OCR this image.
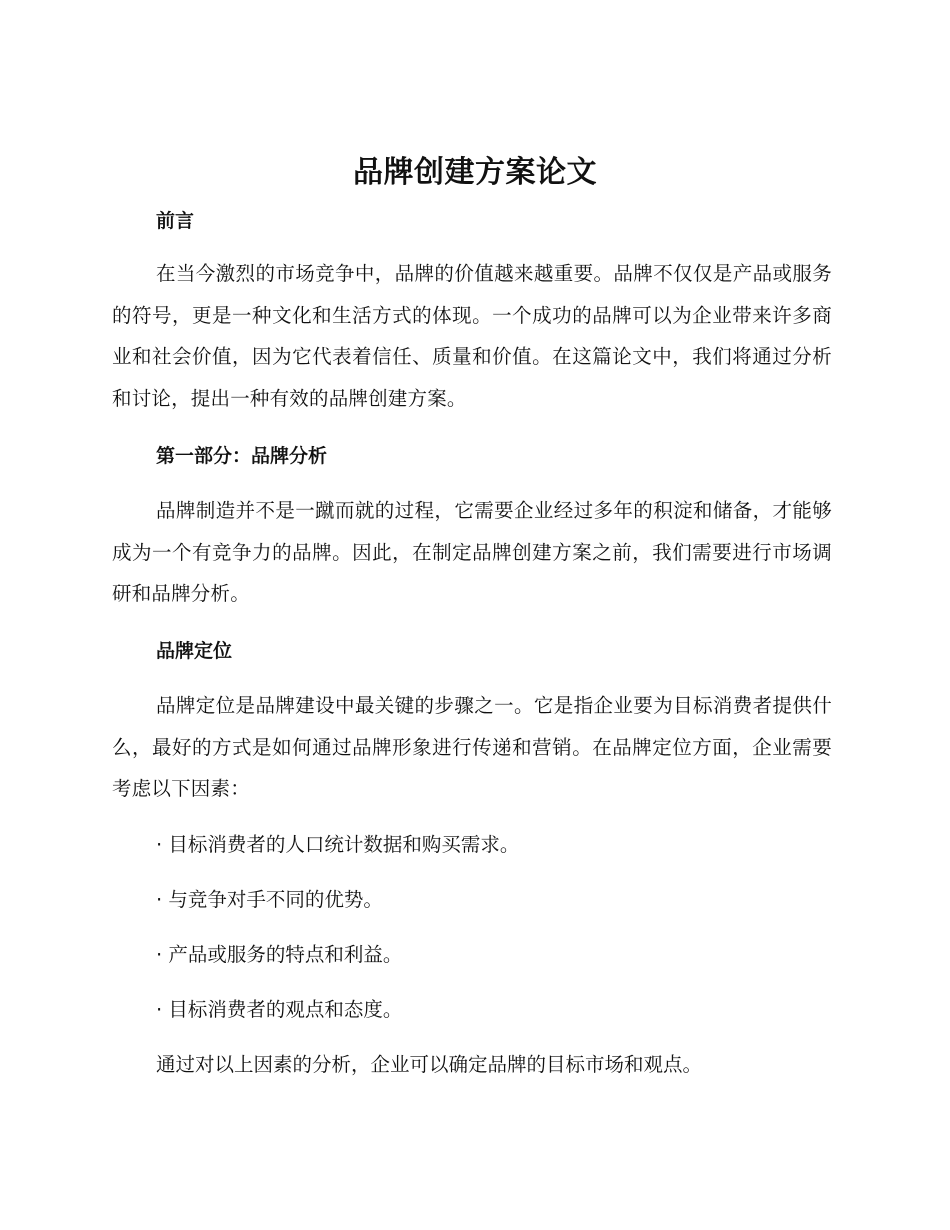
品牌创建方案论文
前言

在当今激烈的市场竞争中，品牌的价值越来越重要。品牌不仅仅是产品或服务的符号，更是一种文化和生活方式的体现。一个成功的品牌可以为企业带来许多商业和社会价值，因为它代表着信任、质量和价值。在这篇论文中，我们将通过分析和讨论，提出一种有效的品牌创建方案。

第一部分：品牌分析

品牌制造并不是一蹴而就的过程，它需要企业经过多年的积淀和储备，才能够成为一个有竞争力的品牌。因此，在制定品牌创建方案之前，我们需要进行市场调研和品牌分析。

品牌定位

品牌定位是品牌建设中最关键的步骤之一。它是指企业要为目标消费者提供什么，最好的方式是如何通过品牌形象进行传递和营销。在品牌定位方面，企业需要考虑以下因素：

· 目标消费者的人口统计数据和购买需求。

· 与竞争对手不同的优势。

· 产品或服务的特点和利益。

· 目标消费者的观点和态度。

通过对以上因素的分析，企业可以确定品牌的目标市场和观点。
